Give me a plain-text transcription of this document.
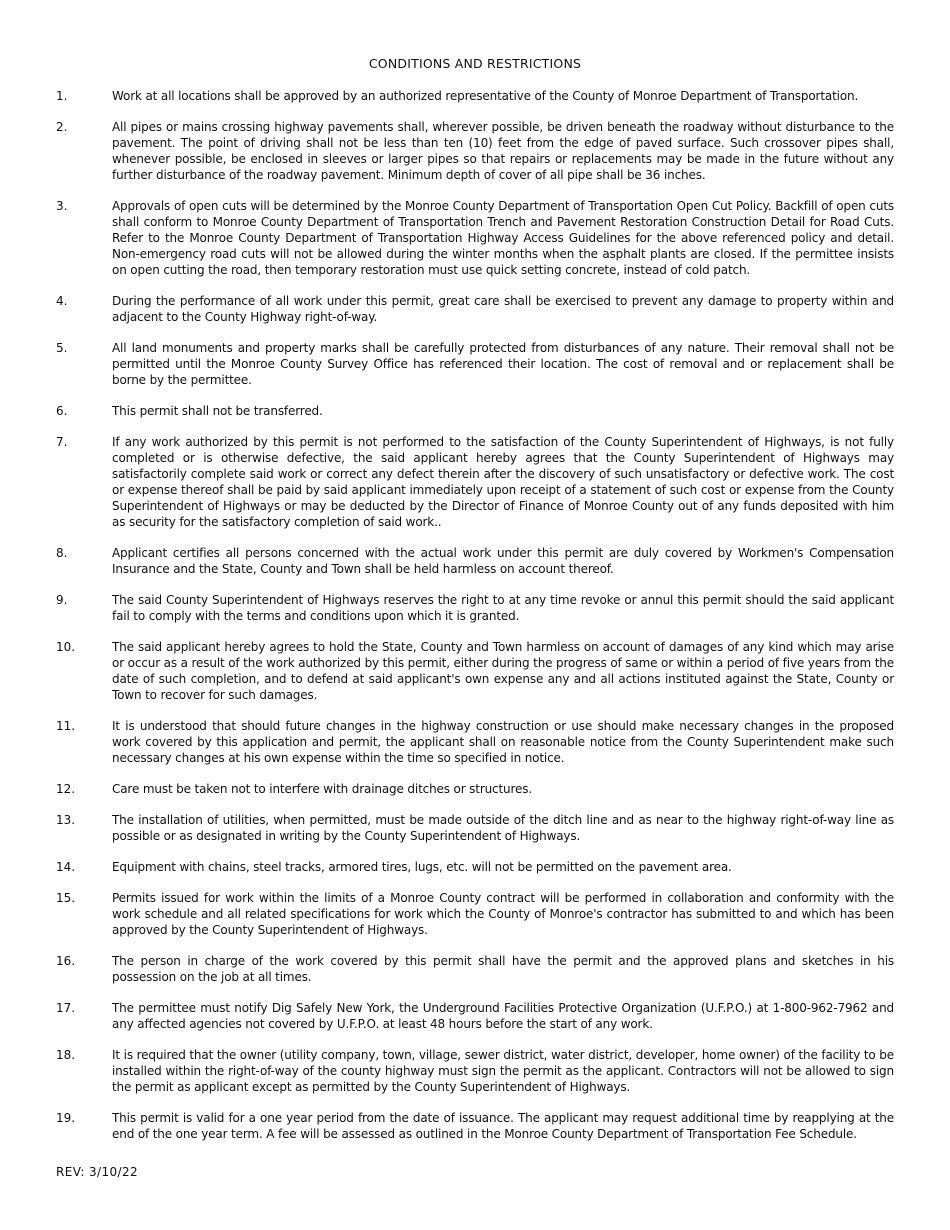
CONDITIONS AND RESTRICTIONS
1.	Work at all locations shall be approved by an authorized representative of the County of Monroe Department of Transportation.
2.	All pipes or mains crossing highway pavements shall, wherever possible, be driven beneath the roadway without disturbance to the pavement. The point of driving shall not be less than ten (10) feet from the edge of paved surface. Such crossover pipes shall, whenever possible, be enclosed in sleeves or larger pipes so that repairs or replacements may be made in the future without any further disturbance of the roadway pavement. Minimum depth of cover of all pipe shall be 36 inches.
3.	Approvals of open cuts will be determined by the Monroe County Department of Transportation Open Cut Policy. Backfill of open cuts shall conform to Monroe County Department of Transportation Trench and Pavement Restoration Construction Detail for Road Cuts. Refer to the Monroe County Department of Transportation Highway Access Guidelines for the above referenced policy and detail. Non-emergency road cuts will not be allowed during the winter months when the asphalt plants are closed. If the permittee insists on open cutting the road, then temporary restoration must use quick setting concrete, instead of cold patch.
4.	During the performance of all work under this permit, great care shall be exercised to prevent any damage to property within and adjacent to the County Highway right-of-way.
5.	All land monuments and property marks shall be carefully protected from disturbances of any nature. Their removal shall not be permitted until the Monroe County Survey Office has referenced their location. The cost of removal and or replacement shall be borne by the permittee.
6.	This permit shall not be transferred.
7.	If any work authorized by this permit is not performed to the satisfaction of the County Superintendent of Highways, is not fully completed or is otherwise defective, the said applicant hereby agrees that the County Superintendent of Highways may satisfactorily complete said work or correct any defect therein after the discovery of such unsatisfactory or defective work. The cost or expense thereof shall be paid by said applicant immediately upon receipt of a statement of such cost or expense from the County Superintendent of Highways or may be deducted by the Director of Finance of Monroe County out of any funds deposited with him as security for the satisfactory completion of said work..
8.	Applicant certifies all persons concerned with the actual work under this permit are duly covered by Workmen's Compensation Insurance and the State, County and Town shall be held harmless on account thereof.
9.	The said County Superintendent of Highways reserves the right to at any time revoke or annul this permit should the said applicant fail to comply with the terms and conditions upon which it is granted.
10.	The said applicant hereby agrees to hold the State, County and Town harmless on account of damages of any kind which may arise or occur as a result of the work authorized by this permit, either during the progress of same or within a period of five years from the date of such completion, and to defend at said applicant's own expense any and all actions instituted against the State, County or Town to recover for such damages.
11.	It is understood that should future changes in the highway construction or use should make necessary changes in the proposed work covered by this application and permit, the applicant shall on reasonable notice from the County Superintendent make such necessary changes at his own expense within the time so specified in notice.
12.	Care must be taken not to interfere with drainage ditches or structures.
13.	The installation of utilities, when permitted, must be made outside of the ditch line and as near to the highway right-of-way line as possible or as designated in writing by the County Superintendent of Highways.
14.	Equipment with chains, steel tracks, armored tires, lugs, etc. will not be permitted on the pavement area.
15.	Permits issued for work within the limits of a Monroe County contract will be performed in collaboration and conformity with the work schedule and all related specifications for work which the County of Monroe's contractor has submitted to and which has been approved by the County Superintendent of Highways.
16.	The person in charge of the work covered by this permit shall have the permit and the approved plans and sketches in his possession on the job at all times.
17.	The permittee must notify Dig Safely New York, the Underground Facilities Protective Organization (U.F.P.O.) at 1-800-962-7962 and any affected agencies not covered by U.F.P.O. at least 48 hours before the start of any work.
18.	It is required that the owner (utility company, town, village, sewer district, water district, developer, home owner) of the facility to be installed within the right-of-way of the county highway must sign the permit as the applicant. Contractors will not be allowed to sign the permit as applicant except as permitted by the County Superintendent of Highways.
19.	This permit is valid for a one year period from the date of issuance. The applicant may request additional time by reapplying at the end of the one year term. A fee will be assessed as outlined in the Monroe County Department of Transportation Fee Schedule.
REV: 3/10/22
